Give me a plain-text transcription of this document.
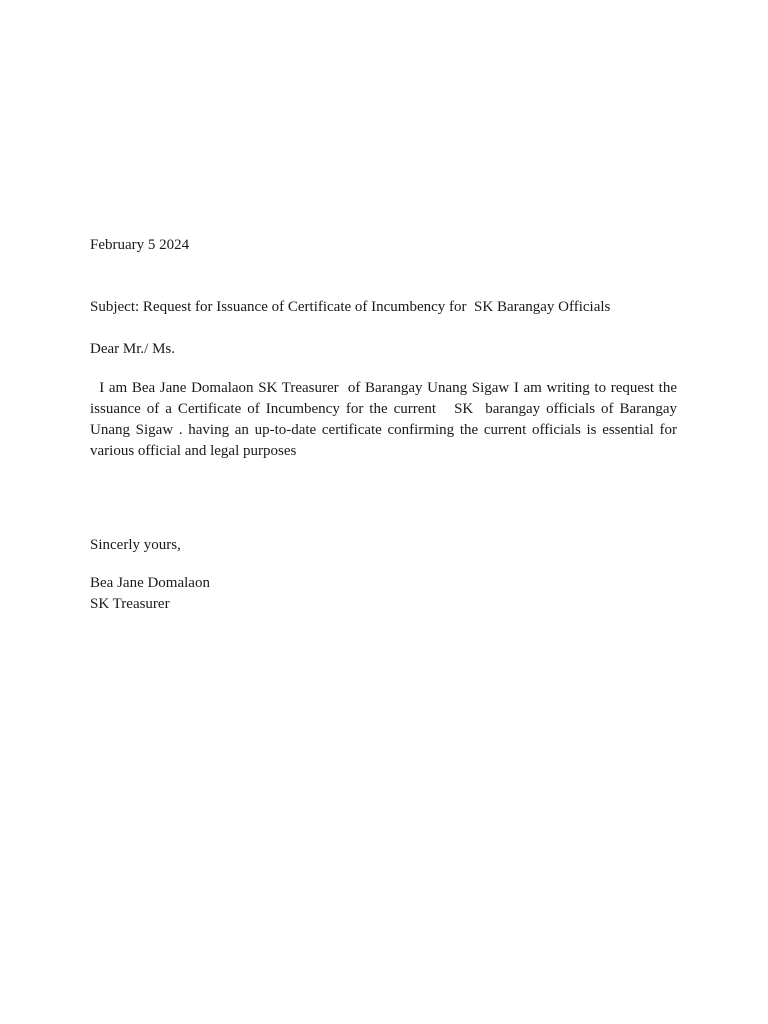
February 5 2024
Subject: Request for Issuance of Certificate of Incumbency for  SK Barangay Officials
Dear Mr./ Ms.
I am Bea Jane Domalaon SK Treasurer  of Barangay Unang Sigaw I am writing to request the issuance of a Certificate of Incumbency for the current   SK  barangay officials of Barangay Unang Sigaw . having an up-to-date certificate confirming the current officials is essential for various official and legal purposes
Sincerly yours,
Bea Jane Domalaon
SK Treasurer
